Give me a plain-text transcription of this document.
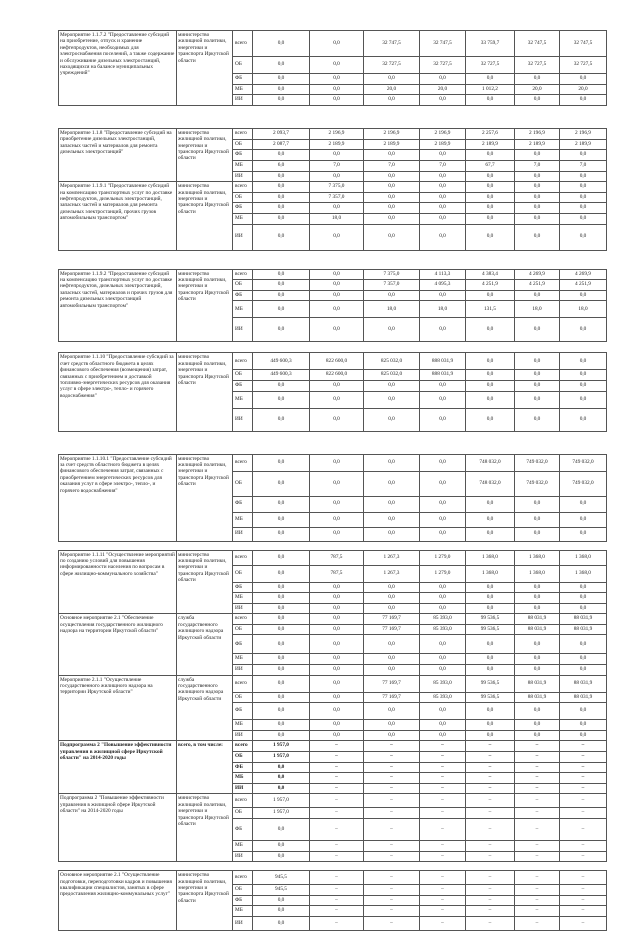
Мероприятие 1.1.7.2 "Предоставление субсидий на приобретение, отпуск и хранение нефтепродуктов, необходимых для электроснабжения поселений, а также содержание и обслуживание дизельных электростанций, находящихся на балансе муниципальных учреждений"	министерство жилищной политики, энергетики и транспорта Иркутской области	всего	0,0	0,0	32 747,5	32 747,5	33 759,7	32 747,5	32 747,5
		ОБ	0,0	0,0	32 727,5	32 727,5	32 727,5	32 727,5	32 727,5
		ФБ	0,0	0,0	0,0	0,0	0,0	0,0	0,0
		МБ	0,0	0,0	20,0	20,0	1 012,2	20,0	20,0
		ИИ	0,0	0,0	0,0	0,0	0,0	0,0	0,0

Мероприятие 1.1.8 "Предоставление субсидий на приобретение дизельных электростанций, запасных частей и материалов для ремонта дизельных электростанций"	министерство жилищной политики, энергетики и транспорта Иркутской области	всего	2 093,7	2 196,9	2 196,9	2 196,9	2 257,6	2 196,9	2 196,9
		ОБ	2 087,7	2 189,9	2 189,9	2 189,9	2 189,9	2 189,9	2 189,9
		ФБ	0,0	0,0	0,0	0,0	0,0	0,0	0,0
		МБ	6,0	7,0	7,0	7,0	67,7	7,0	7,0
		ИИ	0,0	0,0	0,0	0,0	0,0	0,0	0,0
Мероприятие 1.1.9.1 "Предоставление субсидий на компенсацию транспортных услуг по доставке нефтепродуктов, дизельных электростанций, запасных частей и материалов для ремонта дизельных электростанций, прочих грузов автомобильным транспортом"	министерство жилищной политики, энергетики и транспорта Иркутской области	всего	0,0	7 375,0	0,0	0,0	0,0	0,0	0,0
		ОБ	0,0	7 357,0	0,0	0,0	0,0	0,0	0,0
		ФБ	0,0	0,0	0,0	0,0	0,0	0,0	0,0
		МБ	0,0	18,0	0,0	0,0	0,0	0,0	0,0
		ИИ	0,0	0,0	0,0	0,0	0,0	0,0	0,0

Мероприятие 1.1.9.2 "Предоставление субсидий на компенсацию транспортных услуг по доставке нефтепродуктов, дизельных электростанций, запасных частей, материалов и прочих грузов для ремонта дизельных электростанций автомобильным транспортом"	министерство жилищной политики, энергетики и транспорта Иркутской области	всего	0,0	0,0	7 375,0	4 113,3	4 383,4	4 269,9	4 269,9
		ОБ	0,0	0,0	7 357,0	4 095,3	4 251,9	4 251,9	4 251,9
		ФБ	0,0	0,0	0,0	0,0	0,0	0,0	0,0
		МБ	0,0	0,0	18,0	18,0	131,5	18,0	18,0
		ИИ	0,0	0,0	0,0	0,0	0,0	0,0	0,0

Мероприятие 1.1.10 "Предоставление субсидий за счет средств областного бюджета в целях финансового обеспечения (возмещения) затрат, связанных с приобретением и доставкой топливно-энергетических ресурсов для оказания услуг в сфере электро-, тепло- и горячего водоснабжения"	министерство жилищной политики, энергетики и транспорта Иркутской области	всего	449 600,3	822 600,0	825 032,0	888 031,9	0,0	0,0	0,0
		ОБ	449 600,3	822 600,0	825 032,0	888 031,9	0,0	0,0	0,0
		ФБ	0,0	0,0	0,0	0,0	0,0	0,0	0,0
		МБ	0,0	0,0	0,0	0,0	0,0	0,0	0,0
		ИИ	0,0	0,0	0,0	0,0	0,0	0,0	0,0

Мероприятие 1.1.10.1 "Предоставление субсидий за счет средств областного бюджета в целях финансового обеспечения затрат, связанных с приобретением энергетических ресурсов для оказания услуг в сфере электро-, тепло-, и горячего водоснабжения"	министерство жилищной политики, энергетики и транспорта Иркутской области	всего	0,0	0,0	0,0	0,0	748 032,0	749 032,0	749 032,0
		ОБ	0,0	0,0	0,0	0,0	748 032,0	749 032,0	749 032,0
		ФБ	0,0	0,0	0,0	0,0	0,0	0,0	0,0
		МБ	0,0	0,0	0,0	0,0	0,0	0,0	0,0
		ИИ	0,0	0,0	0,0	0,0	0,0	0,0	0,0

Мероприятие 1.1.11 "Осуществление мероприятий по созданию условий для повышения информированности населения по вопросам в сфере жилищно-коммунального хозяйства"	министерство жилищной политики, энергетики и транспорта Иркутской области	всего	0,0	787,5	1 267,3	1 279,0	1 368,0	1 368,0	1 368,0
		ОБ	0,0	787,5	1 267,3	1 279,0	1 368,0	1 368,0	1 368,0
		ФБ	0,0	0,0	0,0	0,0	0,0	0,0	0,0
		МБ	0,0	0,0	0,0	0,0	0,0	0,0	0,0
		ИИ	0,0	0,0	0,0	0,0	0,0	0,0	0,0
Основное мероприятие 2.1 "Обеспечение осуществления государственного жилищного надзора на территории Иркутской области"	служба государственного жилищного надзора Иркутской области	всего	0,0	0,0	77 169,7	85 393,0	99 536,5	88 031,9	88 031,9
		ОБ	0,0	0,0	77 169,7	85 393,0	99 536,5	88 031,9	88 031,9
		ФБ	0,0	0,0	0,0	0,0	0,0	0,0	0,0
		МБ	0,0	0,0	0,0	0,0	0,0	0,0	0,0
		ИИ	0,0	0,0	0,0	0,0	0,0	0,0	0,0
Мероприятие 2.1.1 "Осуществление государственного жилищного надзора на территории Иркутской области"	служба государственного жилищного надзора Иркутской области	всего	0,0	0,0	77 169,7	85 393,0	99 536,5	88 031,9	88 031,9
		ОБ	0,0	0,0	77 169,7	85 393,0	99 536,5	88 031,9	88 031,9
		ФБ	0,0	0,0	0,0	0,0	0,0	0,0	0,0
		МБ	0,0	0,0	0,0	0,0	0,0	0,0	0,0
		ИИ	0,0	0,0	0,0	0,0	0,0	0,0	0,0
Подпрограмма 2 "Повышение эффективности управления в жилищной сфере Иркутской области" на 2014-2020 годы	всего, в том числе:	всего	1 957,0	–	–	–	–	–	–
		ОБ	1 957,0	–	–	–	–	–	–
		ФБ	0,0	–	–	–	–	–	–
		МБ	0,0	–	–	–	–	–	–
		ИИ	0,0	–	–	–	–	–	–
Подпрограмма 2 "Повышение эффективности управления в жилищной сфере Иркутской области" на 2014-2020 годы	министерство жилищной политики, энергетики и транспорта Иркутской области	всего	1 957,0	–	–	–	–	–	–
		ОБ	1 957,0	–	–	–	–	–	–
		ФБ	0,0	–	–	–	–	–	–
		МБ	0,0	–	–	–	–	–	–
		ИИ	0,0	–	–	–	–	–	–

Основное мероприятие 2.1 "Осуществление подготовки, переподготовки кадров и повышения квалификации специалистов, занятых в сфере предоставления жилищно-коммунальных услуг"	министерство жилищной политики, энергетики и транспорта Иркутской области	всего	945,5	–	–	–	–	–	–
		ОБ	945,5	–	–	–	–	–	–
		ФБ	0,0	–	–	–	–	–	–
		МБ	0,0	–	–	–	–	–	–
		ИИ	0,0	–	–	–	–	–	–
